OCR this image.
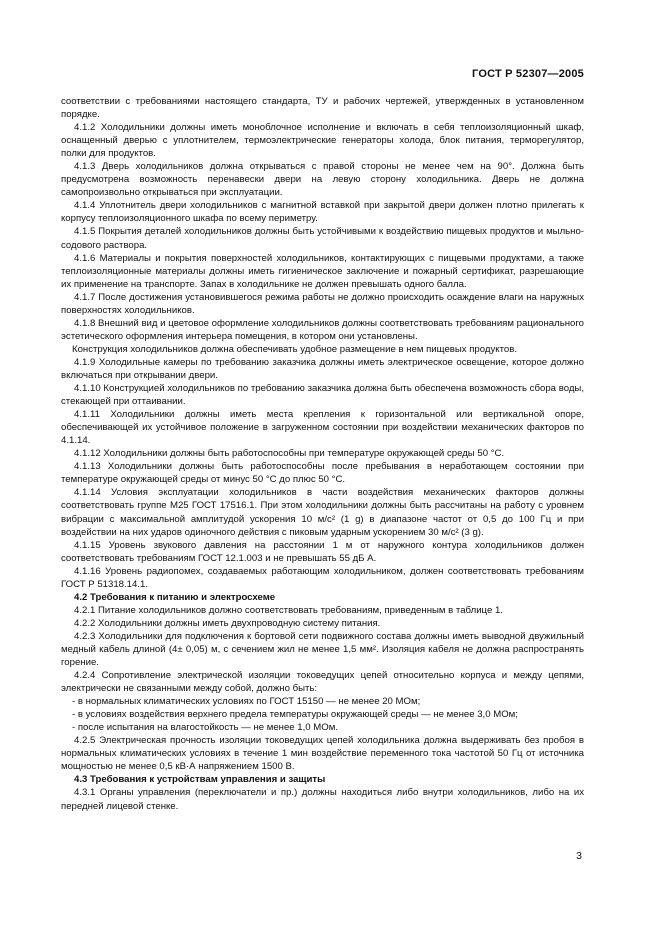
ГОСТ Р 52307—2005

соответствии с требованиями настоящего стандарта, ТУ и рабочих чертежей, утвержденных в установленном порядке.

4.1.2 Холодильники должны иметь моноблочное исполнение и включать в себя теплоизоляционный шкаф, оснащенный дверью с уплотнителем, термоэлектрические генераторы холода, блок питания, терморегулятор, полки для продуктов.

4.1.3 Дверь холодильников должна открываться с правой стороны не менее чем на 90°. Должна быть предусмотрена возможность перенавески двери на левую сторону холодильника. Дверь не должна самопроизвольно открываться при эксплуатации.

4.1.4 Уплотнитель двери холодильников с магнитной вставкой при закрытой двери должен плотно прилегать к корпусу теплоизоляционного шкафа по всему периметру.

4.1.5 Покрытия деталей холодильников должны быть устойчивыми к воздействию пищевых продуктов и мыльно-содового раствора.

4.1.6 Материалы и покрытия поверхностей холодильников, контактирующих с пищевыми продуктами, а также теплоизоляционные материалы должны иметь гигиеническое заключение и пожарный сертификат, разрешающие их применение на транспорте. Запах в холодильнике не должен превышать одного балла.

4.1.7 После достижения установившегося режима работы не должно происходить осаждение влаги на наружных поверхностях холодильников.

4.1.8 Внешний вид и цветовое оформление холодильников должны соответствовать требованиям рационального эстетического оформления интерьера помещения, в котором они установлены.

Конструкция холодильников должна обеспечивать удобное размещение в нем пищевых продуктов.

4.1.9 Холодильные камеры по требованию заказчика должны иметь электрическое освещение, которое должно включаться при открывании двери.

4.1.10 Конструкцией холодильников по требованию заказчика должна быть обеспечена возможность сбора воды, стекающей при оттаивании.

4.1.11 Холодильники должны иметь места крепления к горизонтальной или вертикальной опоре, обеспечивающей их устойчивое положение в загруженном состоянии при воздействии механических факторов по 4.1.14.

4.1.12 Холодильники должны быть работоспособны при температуре окружающей среды 50 °С.

4.1.13 Холодильники должны быть работоспособны после пребывания в неработающем состоянии при температуре окружающей среды от минус 50 °С до плюс 50 °С.

4.1.14 Условия эксплуатации холодильников в части воздействия механических факторов должны соответствовать группе М25 ГОСТ 17516.1. При этом холодильники должны быть рассчитаны на работу с уровнем вибрации с максимальной амплитудой ускорения 10 м/с² (1 g) в диапазоне частот от 0,5 до 100 Гц и при воздействии на них ударов одиночного действия с пиковым ударным ускорением 30 м/с² (3 g).

4.1.15 Уровень звукового давления на расстоянии 1 м от наружного контура холодильников должен соответствовать требованиям ГОСТ 12.1.003 и не превышать 55 дБ А.

4.1.16 Уровень радиопомех, создаваемых работающим холодильником, должен соответствовать требованиям ГОСТ Р 51318.14.1.

4.2 Требования к питанию и электросхеме

4.2.1 Питание холодильников должно соответствовать требованиям, приведенным в таблице 1.

4.2.2 Холодильники должны иметь двухпроводную систему питания.

4.2.3 Холодильники для подключения к бортовой сети подвижного состава должны иметь выводной двужильный медный кабель длиной (4± 0,05) м, с сечением жил не менее 1,5 мм². Изоляция кабеля не должна распространять горение.

4.2.4 Сопротивление электрической изоляции токоведущих цепей относительно корпуса и между цепями, электрически не связанными между собой, должно быть:

- в нормальных климатических условиях по ГОСТ 15150 — не менее 20 МОм;

- в условиях воздействия верхнего предела температуры окружающей среды — не менее 3,0 МОм;

- после испытания на влагостойкость — не менее 1,0 МОм.

4.2.5 Электрическая прочность изоляции токоведущих цепей холодильника должна выдерживать без пробоя в нормальных климатических условиях в течение 1 мин воздействие переменного тока частотой 50 Гц от источника мощностью не менее 0,5 кВ·А напряжением 1500 В.

4.3 Требования к устройствам управления и защиты

4.3.1 Органы управления (переключатели и пр.) должны находиться либо внутри холодильников, либо на их передней лицевой стенке.

3
